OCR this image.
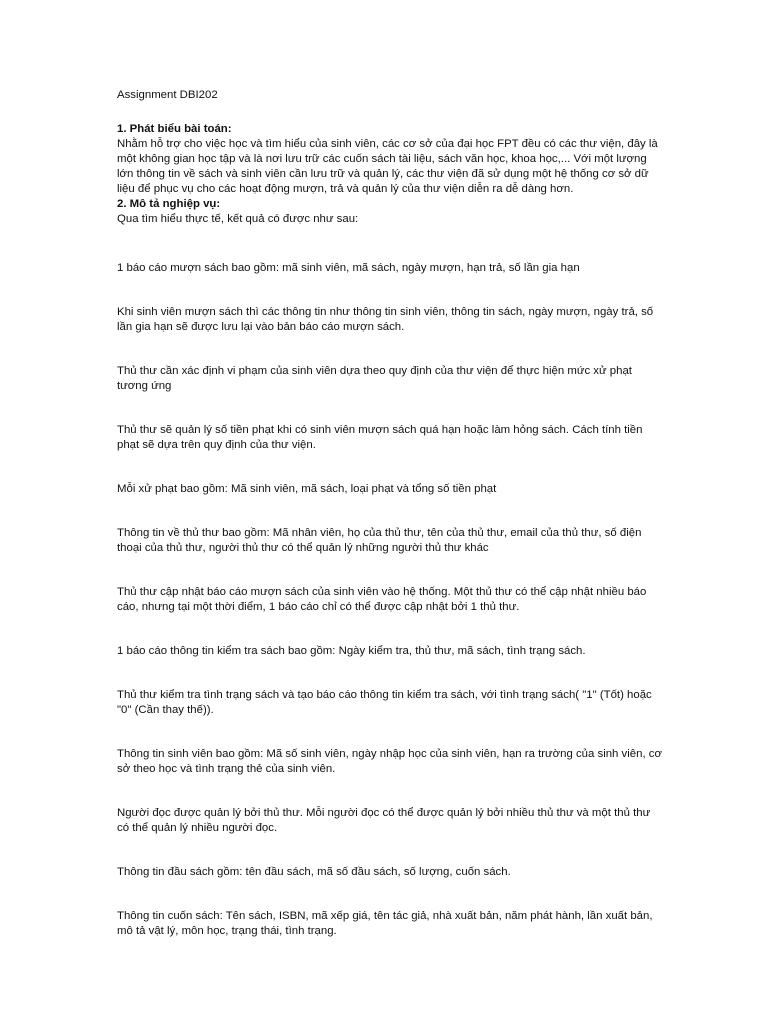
Assignment DBI202

1. Phát biểu bài toán:

Nhằm hỗ trợ cho việc học và tìm hiểu của sinh viên, các cơ sở của đại học FPT đều có các thư viện, đây là một không gian học tập và là nơi lưu trữ các cuốn sách tài liệu, sách văn học, khoa học,... Với một lượng lớn thông tin về sách và sinh viên cần lưu trữ và quản lý, các thư viện đã sử dụng một hệ thống cơ sở dữ liệu để phục vụ cho các hoạt động mượn, trả và quản lý của thư viện diễn ra dễ dàng hơn.

2. Mô tả nghiệp vụ:

Qua tìm hiểu thực tế, kết quả có được như sau:

1 báo cáo mượn sách bao gồm: mã sinh viên, mã sách, ngày mượn, hạn trả, số lần gia hạn

Khi sinh viên mượn sách thì các thông tin như thông tin sinh viên, thông tin sách, ngày mượn, ngày trả, số lần gia hạn sẽ được lưu lại vào bản báo cáo mượn sách.

Thủ thư cần xác định vi phạm của sinh viên dựa theo quy định của thư viện để thực hiện mức xử phạt tương ứng

Thủ thư sẽ quản lý số tiền phạt khi có sinh viên mượn sách quá hạn hoặc làm hỏng sách. Cách tính tiền phạt sẽ dựa trên quy định của thư viện.

Mỗi xử phạt bao gồm: Mã sinh viên, mã sách, loại phạt và tổng số tiền phạt

Thông tin về thủ thư bao gồm: Mã nhân viên, họ của thủ thư, tên của thủ thư, email của thủ thư, số điện thoại của thủ thư, người thủ thư có thể quản lý những người thủ thư khác

Thủ thư cập nhật báo cáo mượn sách của sinh viên vào hệ thống. Một thủ thư có thể cập nhật nhiều báo cáo, nhưng tại một thời điểm, 1 báo cáo chỉ có thể được cập nhật bởi 1 thủ thư.

1 báo cáo thông tin kiểm tra sách bao gồm: Ngày kiểm tra, thủ thư, mã sách, tình trạng sách.

Thủ thư kiểm tra tình trạng sách và tạo báo cáo thông tin kiểm tra sách, với tình trạng sách( "1" (Tốt) hoặc "0" (Cần thay thế)).

Thông tin sinh viên bao gồm: Mã số sinh viên, ngày nhập học của sinh viên, hạn ra trường của sinh viên, cơ sở theo học và tình trạng thẻ của sinh viên.

Người đọc được quản lý bởi thủ thư. Mỗi người đọc có thể được quản lý bởi nhiều thủ thư và một thủ thư có thể quản lý nhiều người đọc.

Thông tin đầu sách gồm: tên đầu sách, mã số đầu sách, số lượng, cuốn sách.

Thông tin cuốn sách: Tên sách, ISBN, mã xếp giá, tên tác giả, nhà xuất bản, năm phát hành, lần xuất bản, mô tả vật lý, môn học, trạng thái, tình trạng.
